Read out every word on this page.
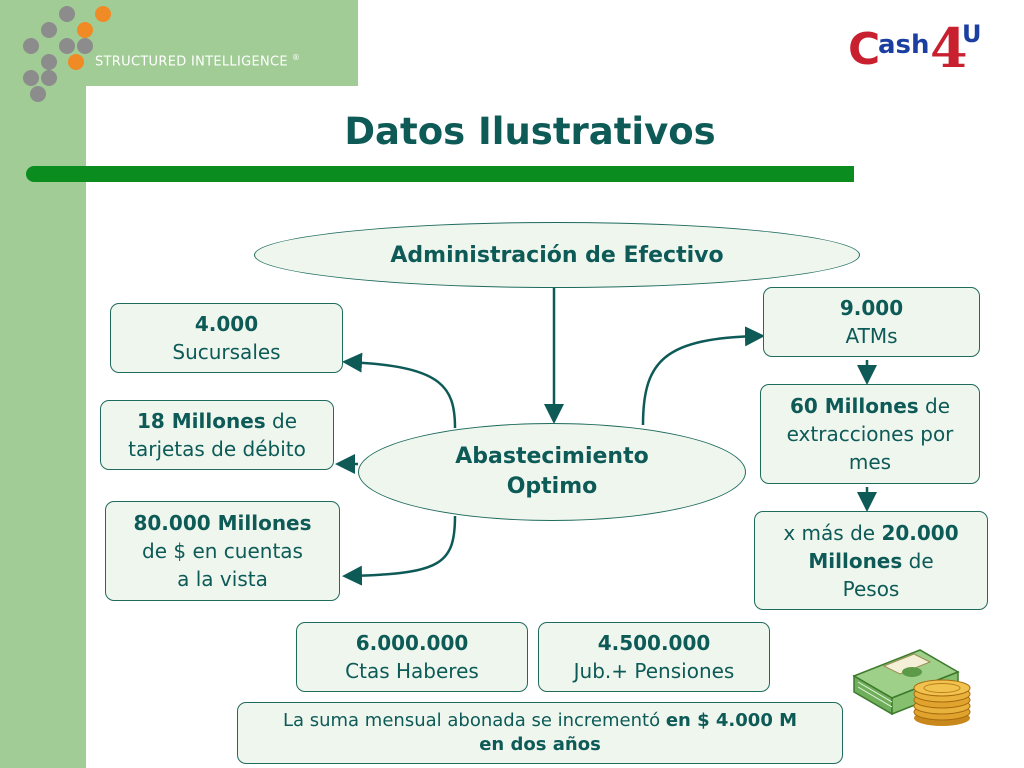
STRUCTURED INTELLIGENCE ®	C
ash 4
U
Datos Ilustrativos
Administración de Efectivo
Abastecimiento
Optimo
4.000
Sucursales
18 Millones de
tarjetas de débito
80.000 Millones
de $ en cuentas
a la vista
9.000
ATMs
60 Millones de
extracciones por
mes
x más de 20.000
Millones de
Pesos
6.000.000
Ctas Haberes
4.500.000
Jub.+ Pensiones
La suma mensual abonada se incrementó en $ 4.000 M
en dos años
